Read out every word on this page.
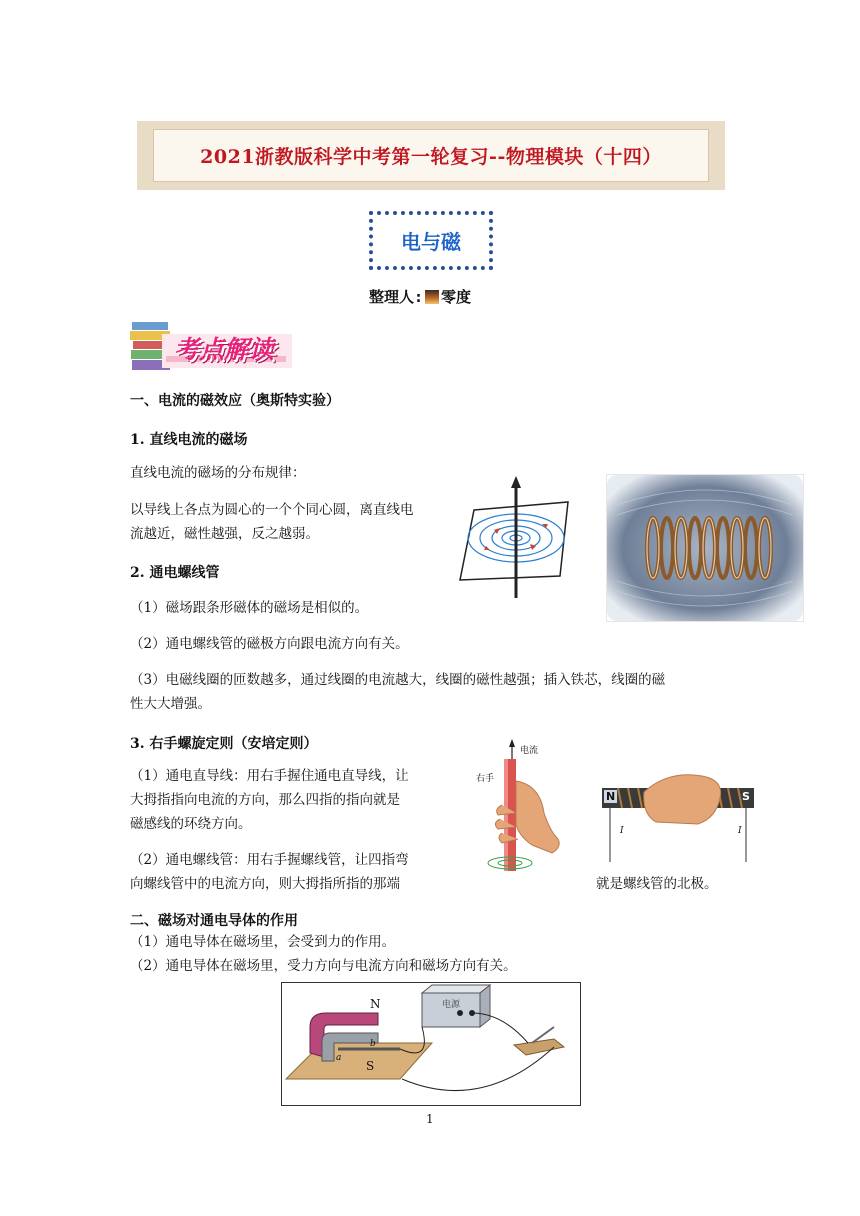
2021浙教版科学中考第一轮复习--物理模块（十四）
电与磁
整理人: 零度
考点解读
一、电流的磁效应（奥斯特实验）
1. 直线电流的磁场
直线电流的磁场的分布规律：
以导线上各点为圆心的一个个同心圆，离直线电
流越近，磁性越强，反之越弱。
2. 通电螺线管
（1）磁场跟条形磁体的磁场是相似的。
（2）通电螺线管的磁极方向跟电流方向有关。
（3）电磁线圈的匝数越多，通过线圈的电流越大，线圈的磁性越强；插入铁芯，线圈的磁
性大大增强。
3. 右手螺旋定则（安培定则）
（1）通电直导线：用右手握住通电直导线，让
大拇指指向电流的方向，那么四指的指向就是
磁感线的环绕方向。
（2）通电螺线管：用右手握螺线管，让四指弯
向螺线管中的电流方向，则大拇指所指的那端	就是螺线管的北极。
电流
右手
N	S
I	I
二、磁场对通电导体的作用
（1）通电导体在磁场里，会受到力的作用。
（2）通电导体在磁场里，受力方向与电流方向和磁场方向有关。
N
S
电源
a
b
1
